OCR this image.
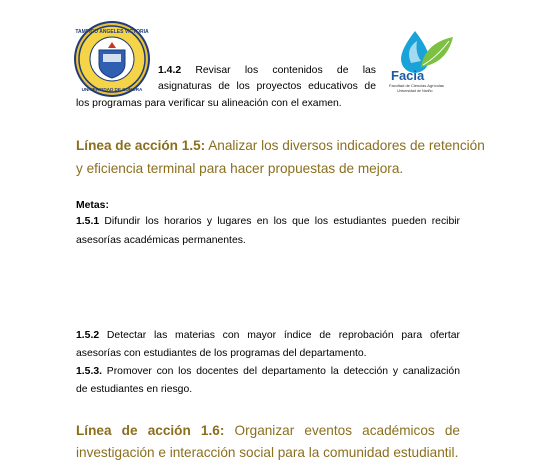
TAMPICO ANGELES VICTORIA
UNIVERSIDAD DE SONORA
Facia
Facultad de Ciencias Agrícolas
Universidad de Nariño
1.4.2 Revisar los contenidos de las
asignaturas de los proyectos educativos de
los programas para verificar su alineación con el examen.
Línea de acción 1.5: Analizar los diversos indicadores de retención
y eficiencia terminal para hacer propuestas de mejora.
Metas:
1.5.1 Difundir los horarios y lugares en los que los estudiantes pueden recibir
asesorías académicas permanentes.
1.5.2 Detectar las materias con mayor índice de reprobación para ofertar
asesorías con estudiantes de los programas del departamento.
1.5.3. Promover con los docentes del departamento la detección y canalización
de estudiantes en riesgo.
Línea de acción 1.6: Organizar eventos académicos de
investigación e interacción social para la comunidad estudiantil.
